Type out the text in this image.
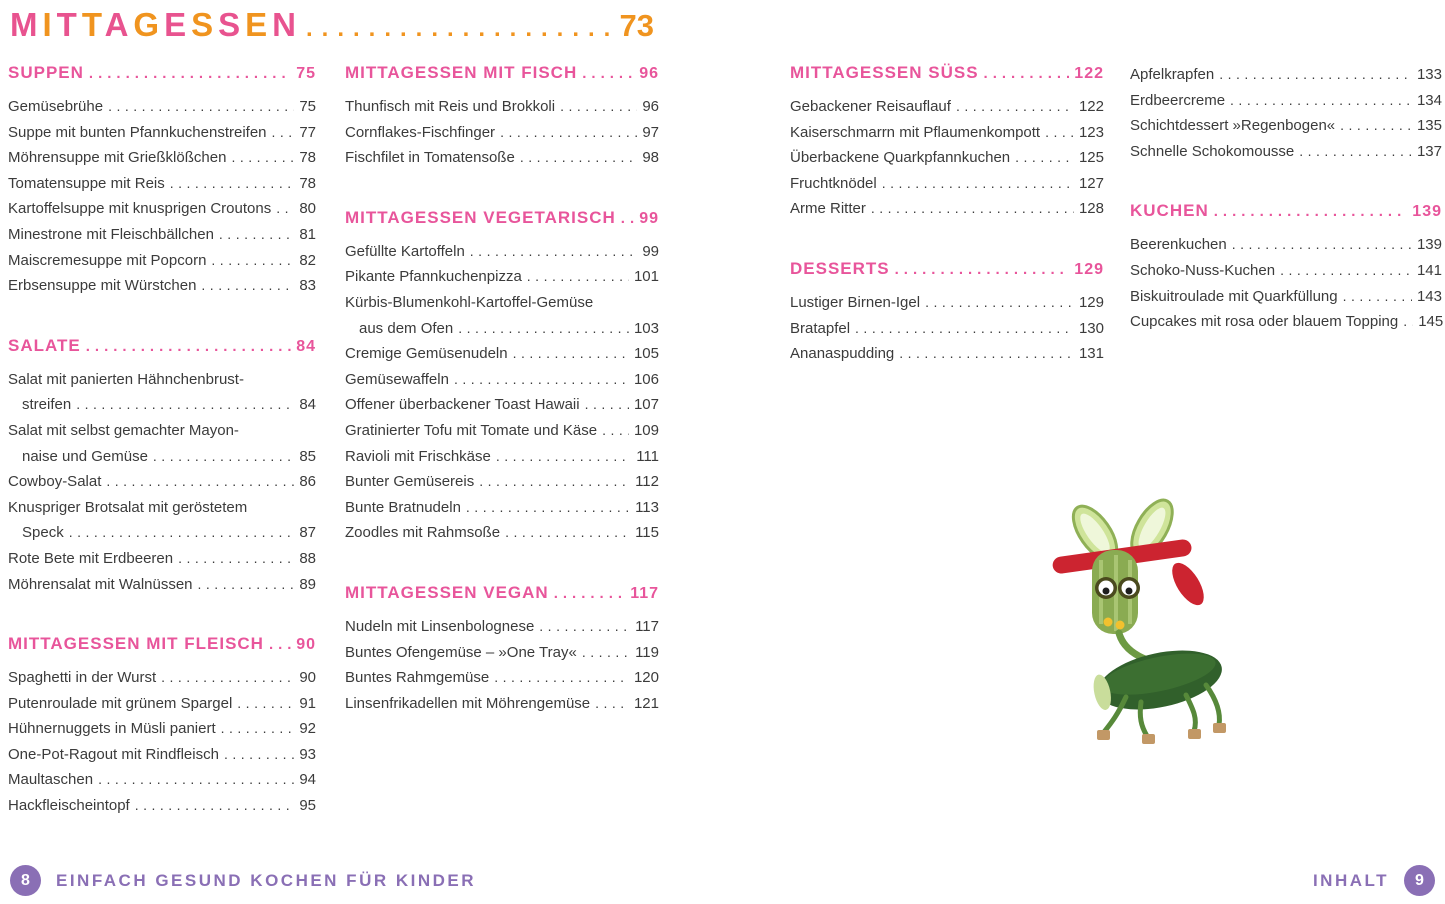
MITTAGESSEN .....	73
SUPPEN .....	75
Gemüsebrühe .....	75
Suppe mit bunten Pfannkuchenstreifen ..... 77
Möhrensuppe mit Grießklößchen .....	78
Tomatensuppe mit Reis .....	78
Kartoffelsuppe mit knusprigen Croutons ..... 80
Minestrone mit Fleischbällchen .....	81
Maiscremesuppe mit Popcorn .....	82
Erbsensuppe mit Würstchen .....	83
SALATE .....	84
Salat mit panierten Hähnchenbrust-
streifen .....	84
Salat mit selbst gemachter Mayon-
naise und Gemüse .....	85
Cowboy-Salat .....	86
Knuspriger Brotsalat mit geröstetem
Speck .....	87
Rote Bete mit Erdbeeren .....	88
Möhrensalat mit Walnüssen .....	89
MITTAGESSEN MIT FLEISCH ..... 90
Spaghetti in der Wurst .....	90
Putenroulade mit grünem Spargel .....	91
Hühnernuggets in Müsli paniert .....	92
One-Pot-Ragout mit Rindfleisch .....	93
Maultaschen .....	94
Hackfleischeintopf .....	95
MITTAGESSEN MIT FISCH .....	96
Thunfisch mit Reis und Brokkoli .....	96
Cornflakes-Fischfinger .....	97
Fischfilet in Tomatensoße .....	98
MITTAGESSEN VEGETARISCH ..... 99
Gefüllte Kartoffeln .....	99
Pikante Pfannkuchenpizza .....	101
Kürbis-Blumenkohl-Kartoffel-Gemüse
aus dem Ofen .....	103
Cremige Gemüsenudeln .....	105
Gemüsewaffeln .....	106
Offener überbackener Toast Hawaii .....	107
Gratinierter Tofu mit Tomate und Käse ..... 109
Ravioli mit Frischkäse .....	111
Bunter Gemüsereis .....	112
Bunte Bratnudeln .....	113
Zoodles mit Rahmsoße .....	115
MITTAGESSEN VEGAN .....	117
Nudeln mit Linsenbolognese .....	117
Buntes Ofengemüse – »One Tray« .....	119
Buntes Rahmgemüse .....	120
Linsenfrikadellen mit Möhrengemüse .....	121
MITTAGESSEN SÜSS .....	122
Gebackener Reisauflauf .....	122
Kaiserschmarrn mit Pflaumenkompott .....	123
Überbackene Quarkpfannkuchen .....	125
Fruchtknödel .....	127
Arme Ritter .....	128
DESSERTS .....	129
Lustiger Birnen-Igel .....	129
Bratapfel .....	130
Ananaspudding .....	131
Apfelkrapfen .....	133
Erdbeercreme .....	134
Schichtdessert »Regenbogen« .....	135
Schnelle Schokomousse .....	137
KUCHEN .....	139
Beerenkuchen .....	139
Schoko-Nuss-Kuchen .....	141
Biskuitroulade mit Quarkfüllung .....	143
Cupcakes mit rosa oder blauem Topping ..... 145
8	EINFACH GESUND KOCHEN FÜR KINDER	INHALT	9
